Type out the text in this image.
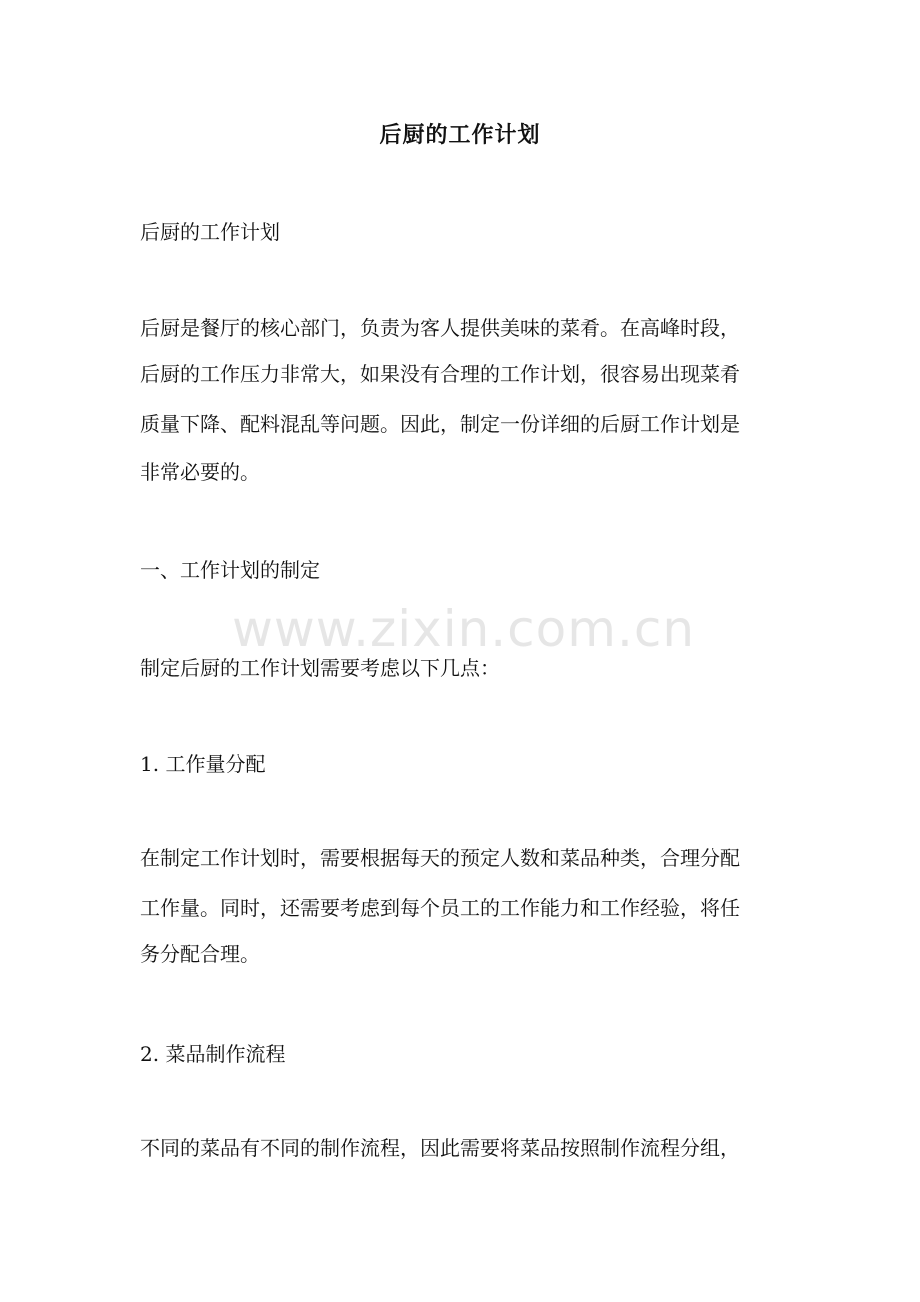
后厨的工作计划

后厨的工作计划

后厨是餐厅的核心部门，负责为客人提供美味的菜肴。在高峰时段，

后厨的工作压力非常大，如果没有合理的工作计划，很容易出现菜肴

质量下降、配料混乱等问题。因此，制定一份详细的后厨工作计划是

非常必要的。

一、工作计划的制定

制定后厨的工作计划需要考虑以下几点：

1. 工作量分配

在制定工作计划时，需要根据每天的预定人数和菜品种类，合理分配

工作量。同时，还需要考虑到每个员工的工作能力和工作经验，将任

务分配合理。

2. 菜品制作流程

不同的菜品有不同的制作流程，因此需要将菜品按照制作流程分组，

www.zixin.com.cn
